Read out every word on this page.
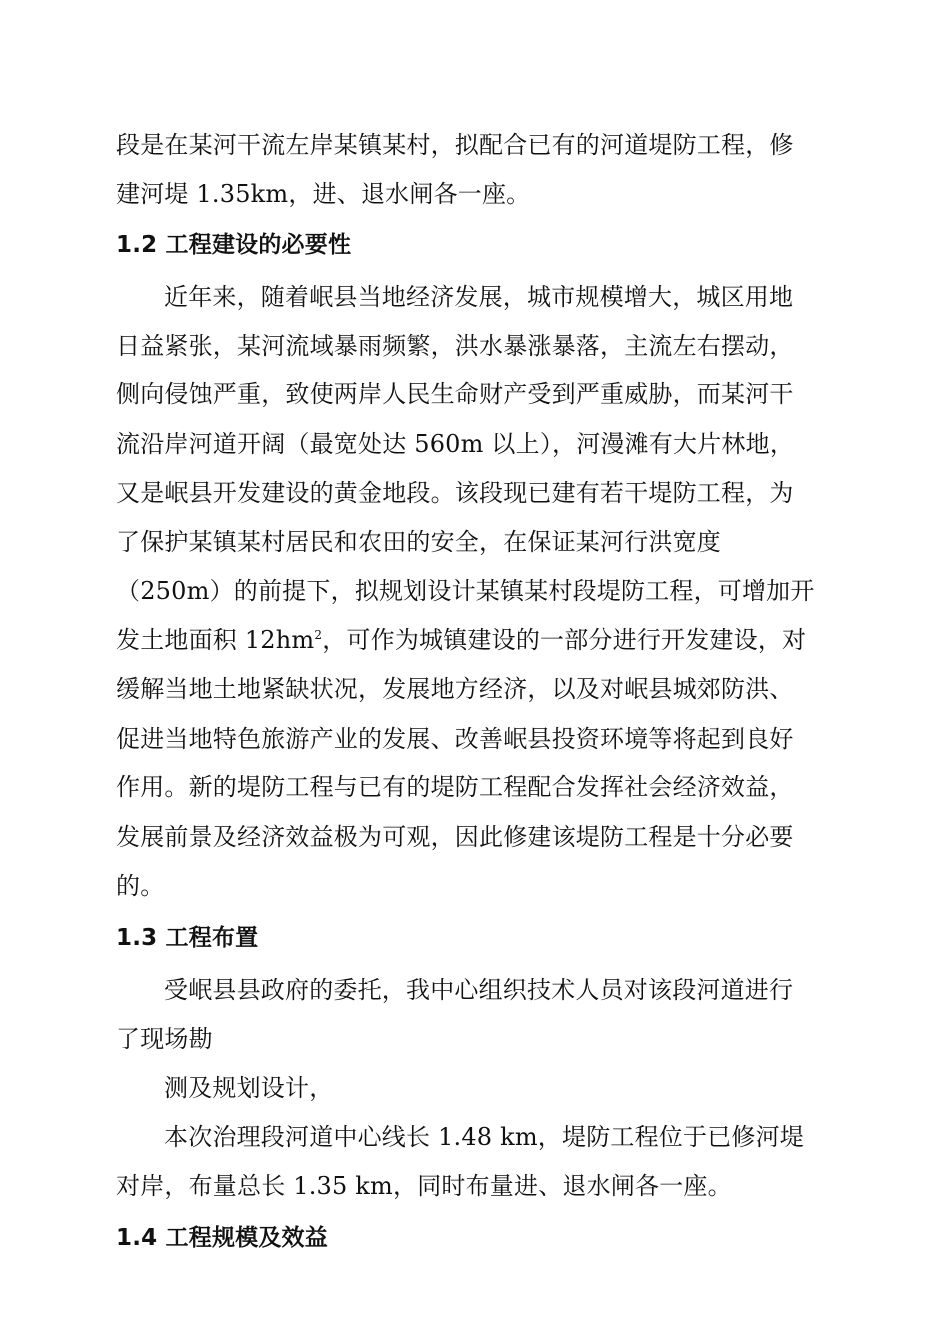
段是在某河干流左岸某镇某村，拟配合已有的河道堤防工程，修
建河堤 1.35km，进、退水闸各一座。
1.2 工程建设的必要性
近年来，随着岷县当地经济发展，城市规模增大，城区用地
日益紧张，某河流域暴雨频繁，洪水暴涨暴落，主流左右摆动，
侧向侵蚀严重，致使两岸人民生命财产受到严重威胁，而某河干
流沿岸河道开阔（最宽处达 560m 以上），河漫滩有大片林地，
又是岷县开发建设的黄金地段。该段现已建有若干堤防工程，为
了保护某镇某村居民和农田的安全，在保证某河行洪宽度
（250m）的前提下，拟规划设计某镇某村段堤防工程，可增加开
发土地面积 $12hm^2$，可作为城镇建设的一部分进行开发建设，对
缓解当地土地紧缺状况，发展地方经济，以及对岷县城郊防洪、
促进当地特色旅游产业的发展、改善岷县投资环境等将起到良好
作用。新的堤防工程与已有的堤防工程配合发挥社会经济效益，
发展前景及经济效益极为可观，因此修建该堤防工程是十分必要
的。
1.3 工程布置
受岷县县政府的委托，我中心组织技术人员对该段河道进行
了现场勘
测及规划设计，
本次治理段河道中心线长 1.48 km，堤防工程位于已修河堤
对岸，布量总长 1.35 km，同时布量进、退水闸各一座。
1.4 工程规模及效益
